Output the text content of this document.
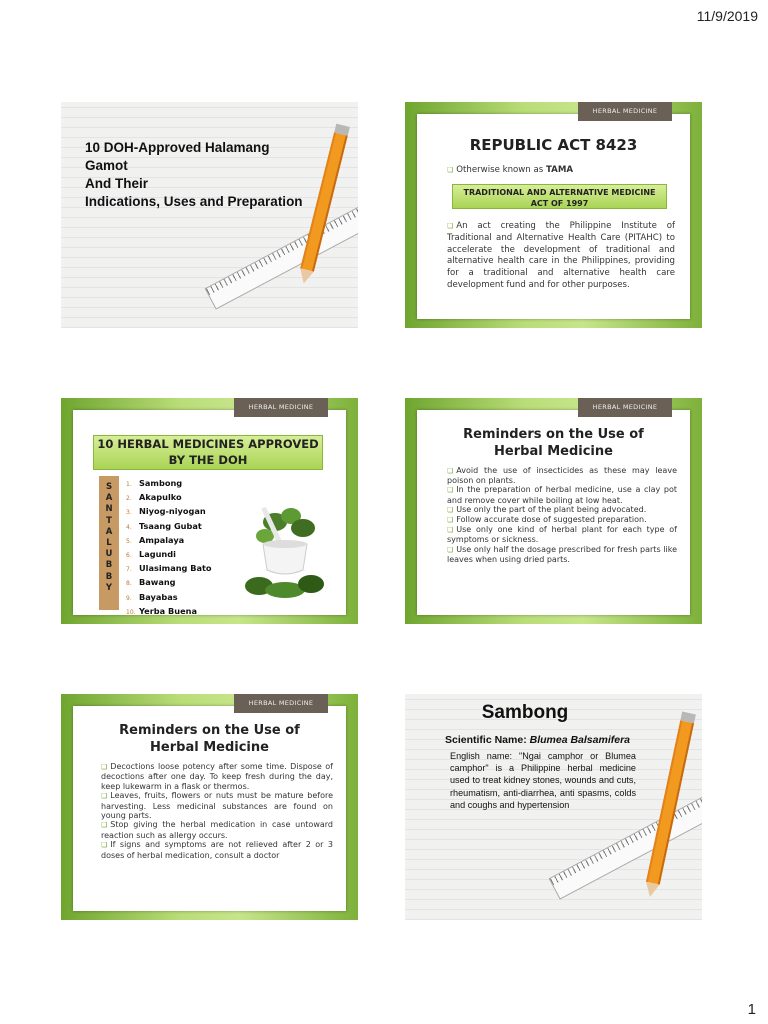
11/9/2019
10 DOH-Approved Halamang
Gamot
And Their
Indications, Uses and Preparation
HERBAL MEDICINE
REPUBLIC ACT 8423
❏ Otherwise known as TAMA
TRADITIONAL AND ALTERNATIVE MEDICINE
ACT OF 1997
❏ An act creating the Philippine Institute of Traditional and Alternative Health Care (PITAHC) to accelerate the development of traditional and alternative health care in the Philippines, providing for a traditional and alternative health care development fund and for other purposes.
HERBAL MEDICINE
10 HERBAL MEDICINES APPROVED
BY THE DOH
S
A
N
T
A
L
U
B
B
Y
1. Sambong
2. Akapulko
3. Niyog-niyogan
4. Tsaang Gubat
5. Ampalaya
6. Lagundi
7. Ulasimang Bato
8. Bawang
9. Bayabas
10. Yerba Buena
HERBAL MEDICINE
Reminders on the Use of
Herbal Medicine
❏ Avoid the use of insecticides as these may leave poison on plants.
❏ In the preparation of herbal medicine, use a clay pot and remove cover while boiling at low heat.
❏ Use only the part of the plant being advocated.
❏ Follow accurate dose of suggested preparation.
❏ Use only one kind of herbal plant for each type of symptoms or sickness.
❏ Use only half the dosage prescribed for fresh parts like leaves when using dried parts.
HERBAL MEDICINE
Reminders on the Use of
Herbal Medicine
❏ Decoctions loose potency after some time. Dispose of decoctions after one day. To keep fresh during the day, keep lukewarm in a flask or thermos.
❏ Leaves, fruits, flowers or nuts must be mature before harvesting. Less medicinal substances are found on young parts.
❏ Stop giving the herbal medication in case untoward reaction such as allergy occurs.
❏ If signs and symptoms are not relieved after 2 or 3 doses of herbal medication, consult a doctor
Sambong
Scientific Name: Blumea Balsamifera
English name: "Ngai camphor or Blumea camphor" is a Philippine herbal medicine used to treat kidney stones, wounds and cuts, rheumatism, anti-diarrhea, anti spasms, colds and coughs and hypertension
1
